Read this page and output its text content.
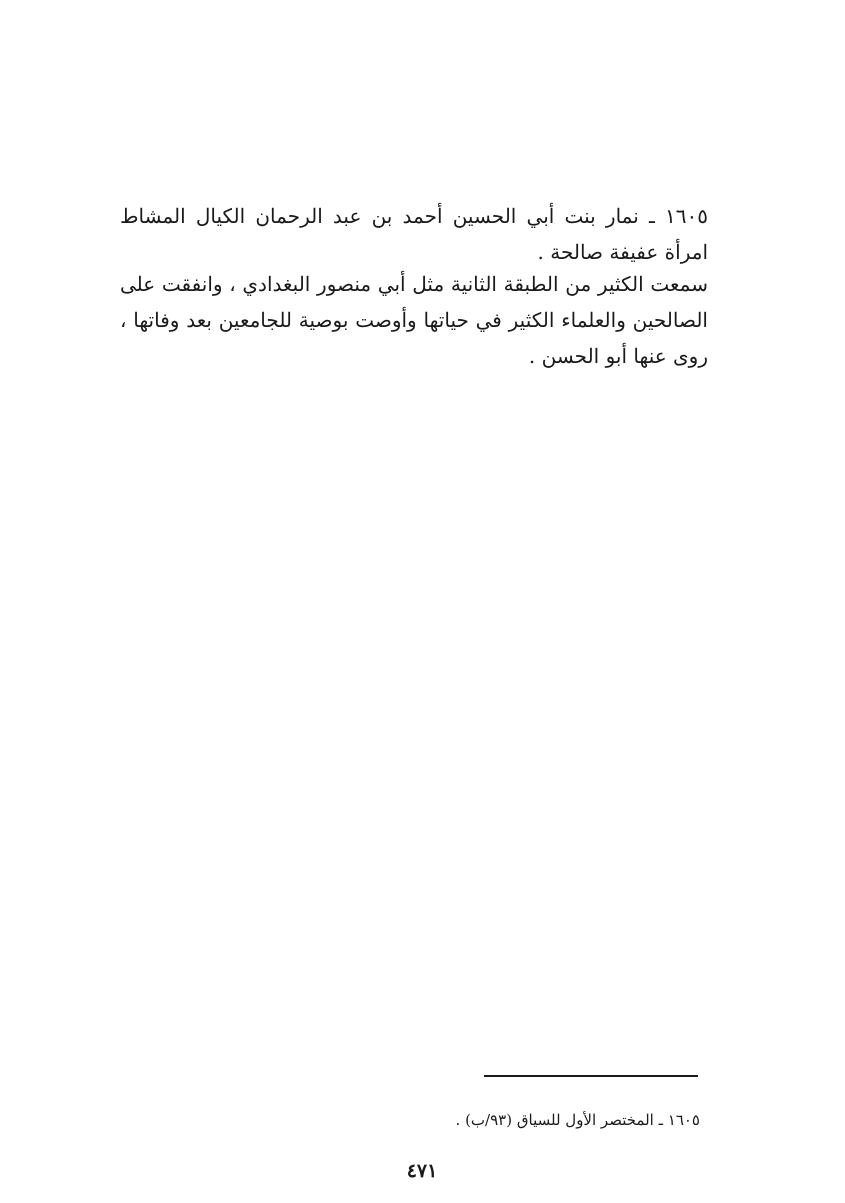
١٦٠٥ ـ نمار بنت أبي الحسين أحمد بن عبد الرحمان الكيال المشاط
امرأة عفيفة صالحة .
سمعت الكثير من الطبقة الثانية مثل أبي منصور البغدادي ، وانفقت على
الصالحين والعلماء الكثير في حياتها وأوصت بوصية للجامعين بعد وفاتها ،
روى عنها أبو الحسن .
١٦٠٥ ـ المختصر الأول للسياق (٩٣/ب) .
٤٧١
